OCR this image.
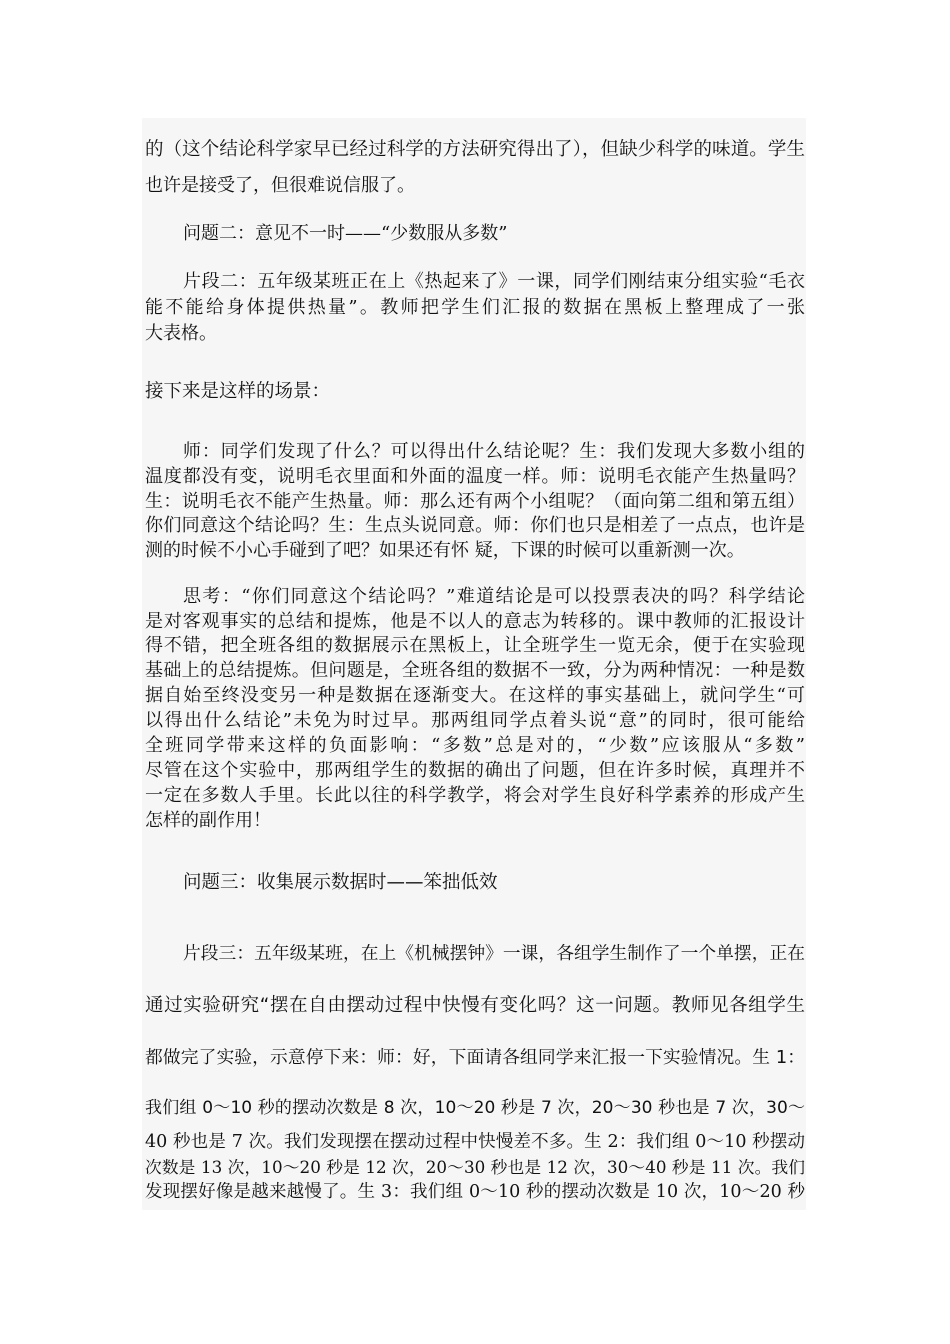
的（这个结论科学家早已经过科学的方法研究得出了），但缺少科学的味道。学生
也许是接受了，但很难说信服了。
问题二：意见不一时——“少数服从多数”
片段二：五年级某班正在上《热起来了》一课，同学们刚结束分组实验“毛衣
能不能给身体提供热量”。教师把学生们汇报的数据在黑板上整理成了一张
大表格。
接下来是这样的场景：
师：同学们发现了什么？可以得出什么结论呢？生：我们发现大多数小组的
温度都没有变，说明毛衣里面和外面的温度一样。师：说明毛衣能产生热量吗？
生：说明毛衣不能产生热量。师：那么还有两个小组呢？（面向第二组和第五组）
你们同意这个结论吗？生：生点头说同意。师：你们也只是相差了一点点，也许是
测的时候不小心手碰到了吧？如果还有怀 疑，下课的时候可以重新测一次。
思考：“你们同意这个结论吗？”难道结论是可以投票表决的吗？科学结论
是对客观事实的总结和提炼，他是不以人的意志为转移的。课中教师的汇报设计
得不错，把全班各组的数据展示在黑板上，让全班学生一览无余，便于在实验现
基础上的总结提炼。但问题是，全班各组的数据不一致，分为两种情况：一种是数
据自始至终没变另一种是数据在逐渐变大。在这样的事实基础上，就问学生“可
以得出什么结论”未免为时过早。那两组同学点着头说“意”的同时，很可能给
全班同学带来这样的负面影响：“多数”总是对的，“少数”应该服从“多数”
尽管在这个实验中，那两组学生的数据的确出了问题，但在许多时候，真理并不
一定在多数人手里。长此以往的科学教学，将会对学生良好科学素养的形成产生
怎样的副作用！
问题三：收集展示数据时——笨拙低效
片段三：五年级某班，在上《机械摆钟》一课，各组学生制作了一个单摆，正在
通过实验研究“摆在自由摆动过程中快慢有变化吗？这一问题。教师见各组学生
都做完了实验，示意停下来：师：好，下面请各组同学来汇报一下实验情况。生 1：
我们组 0～10 秒的摆动次数是 8 次，10～20 秒是 7 次，20～30 秒也是 7 次，30～
40 秒也是 7 次。我们发现摆在摆动过程中快慢差不多。生 2：我们组 0～10 秒摆动
次数是 13 次，10～20 秒是 12 次，20～30 秒也是 12 次，30～40 秒是 11 次。我们
发现摆好像是越来越慢了。生 3：我们组 0～10 秒的摆动次数是 10 次，10～20 秒
